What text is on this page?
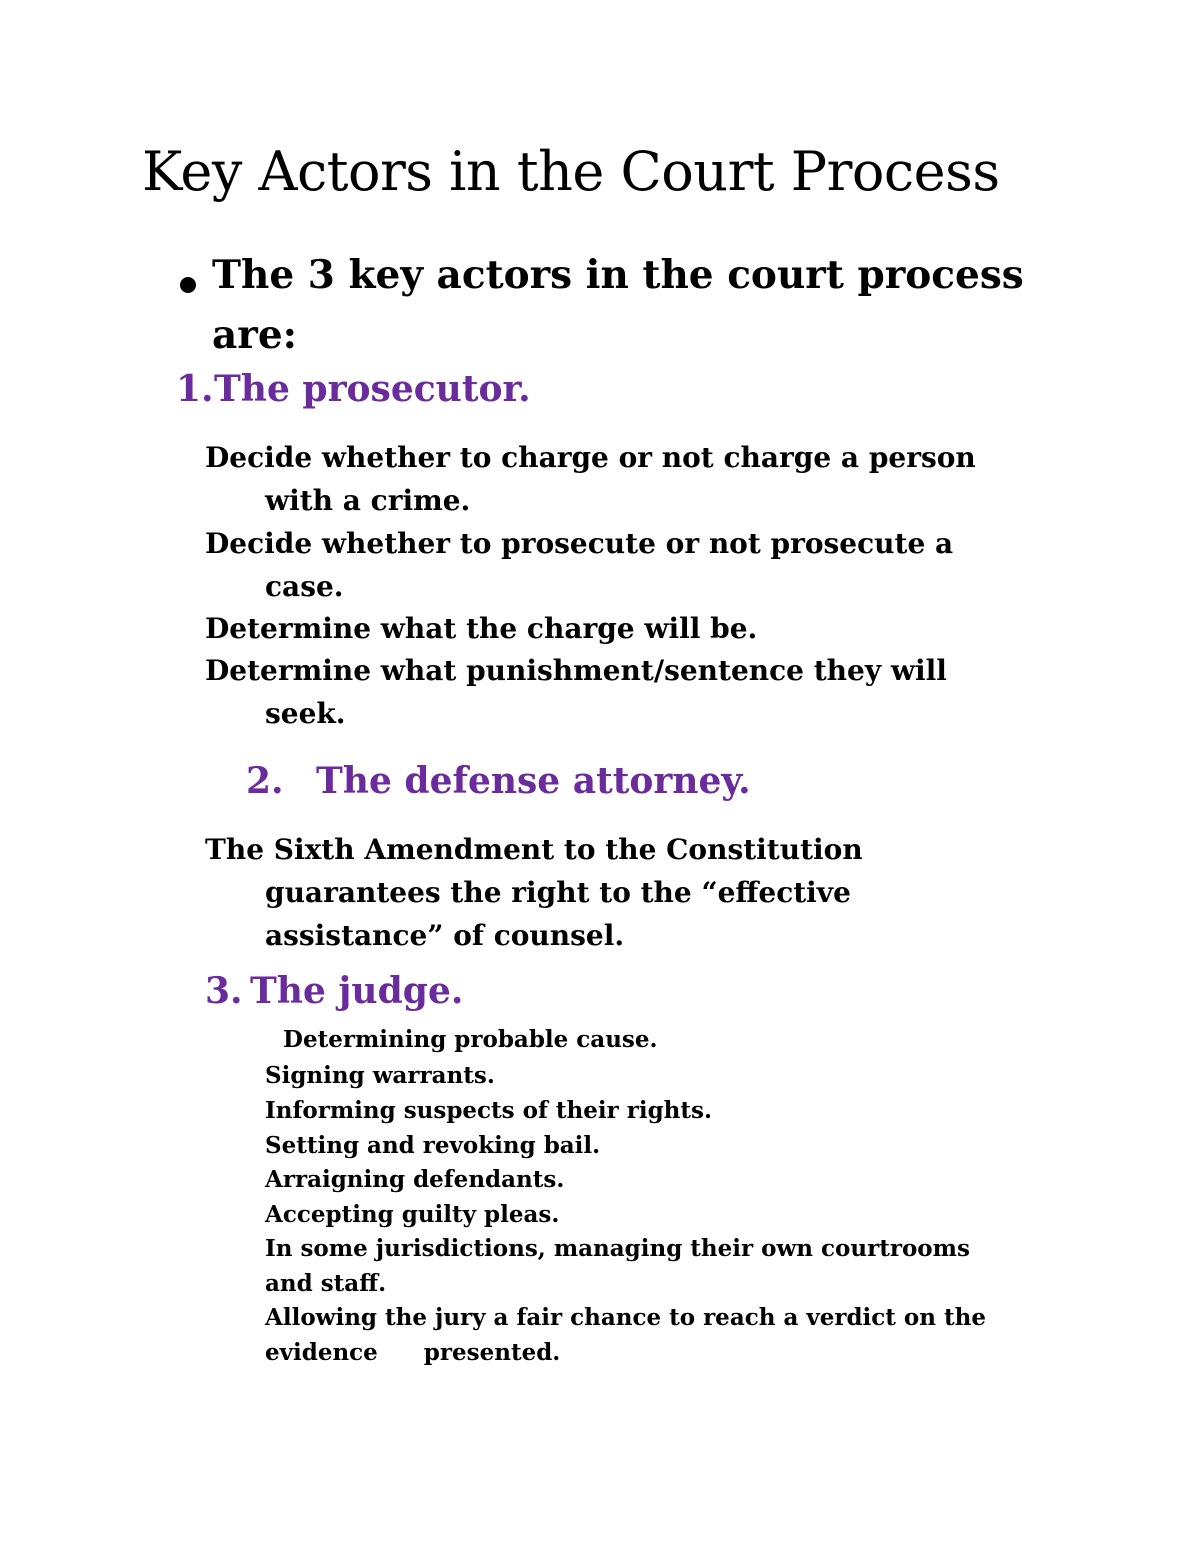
Key Actors in the Court Process
The 3 key actors in the court process
are:
1. The prosecutor.
Decide whether to charge or not charge a person
with a crime.
Decide whether to prosecute or not prosecute a
case.
Determine what the charge will be.
Determine what punishment/sentence they will
seek.
2. The defense attorney.
The Sixth Amendment to the Constitution
guarantees the right to the “effective
assistance” of counsel.
3. The judge.
Determining probable cause.
Signing warrants.
Informing suspects of their rights.
Setting and revoking bail.
Arraigning defendants.
Accepting guilty pleas.
In some jurisdictions, managing their own courtrooms
and staff.
Allowing the jury a fair chance to reach a verdict on the
evidence  presented.
